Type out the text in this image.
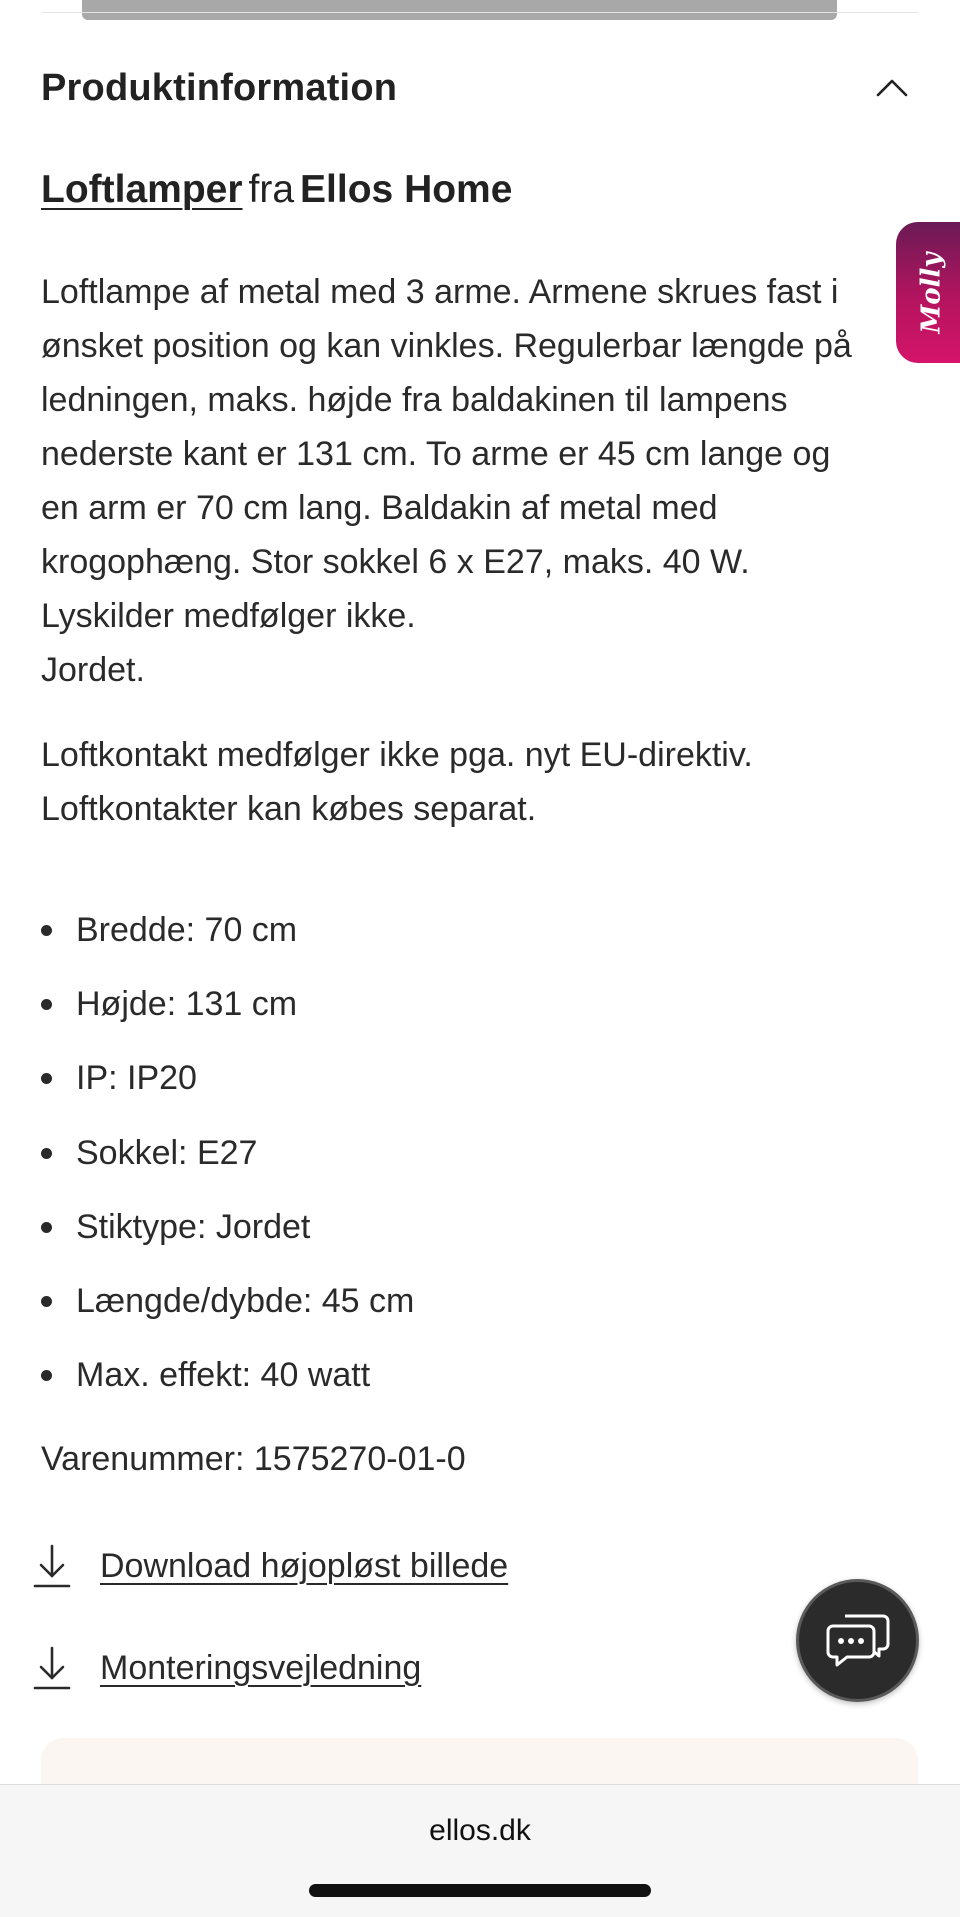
Produktinformation
Loftlamper fra Ellos Home
Loftlampe af metal med 3 arme. Armene skrues fast i
ønsket position og kan vinkles. Regulerbar længde på
ledningen, maks. højde fra baldakinen til lampens
nederste kant er 131 cm. To arme er 45 cm lange og
en arm er 70 cm lang. Baldakin af metal med
krogophæng. Stor sokkel 6 x E27, maks. 40 W.
Lyskilder medfølger ikke.
Jordet.
Loftkontakt medfølger ikke pga. nyt EU-direktiv.
Loftkontakter kan købes separat.
Bredde: 70 cm
Højde: 131 cm
IP: IP20
Sokkel: E27
Stiktype: Jordet
Længde/dybde: 45 cm
Max. effekt: 40 watt
Varenummer: 1575270-01-0
Download højopløst billede
Monteringsvejledning
Molly
ellos.dk
